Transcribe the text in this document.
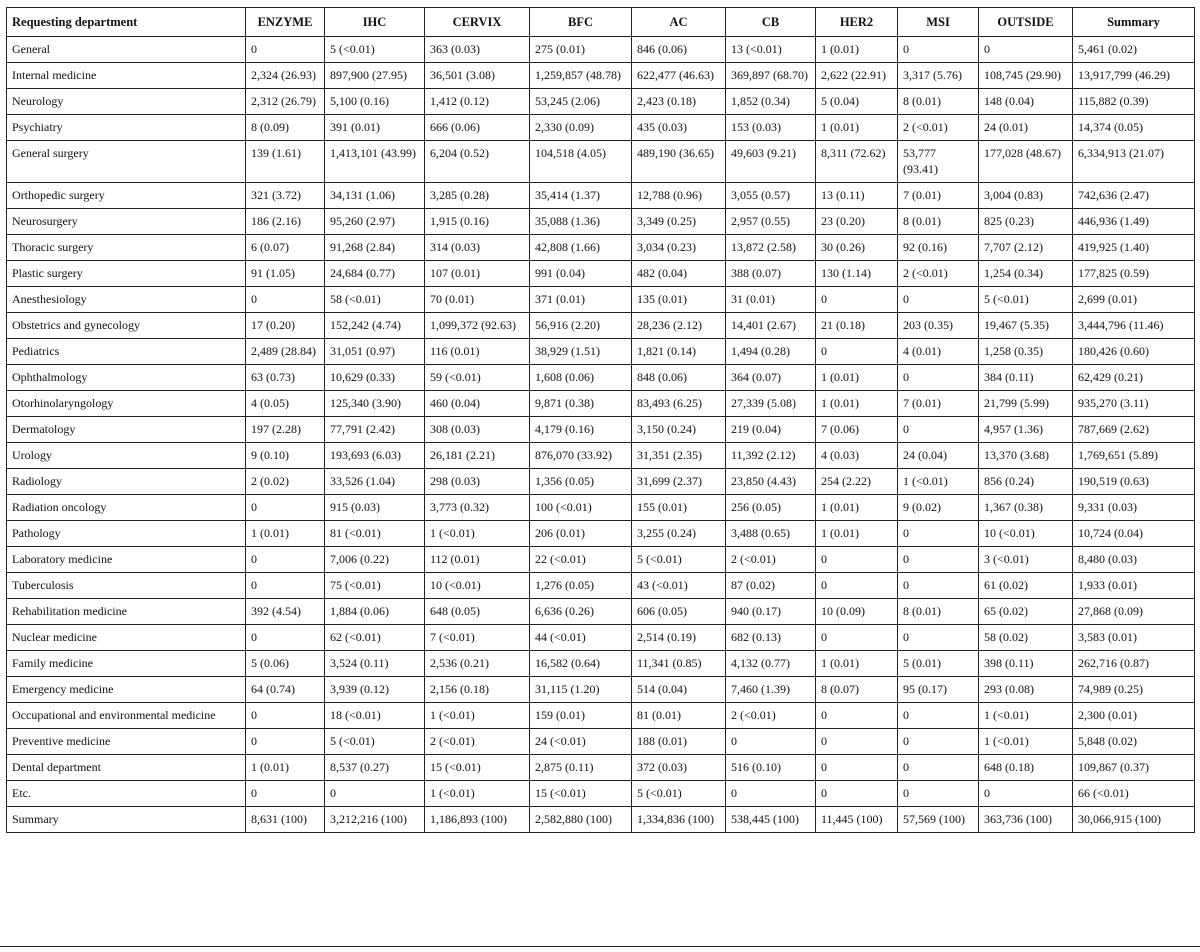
Requesting department	ENZYME	IHC	CERVIX	BFC	AC	CB	HER2	MSI	OUTSIDE	Summary
General	0	5 (<0.01)	363 (0.03)	275 (0.01)	846 (0.06)	13 (<0.01)	1 (0.01)	0	0	5,461 (0.02)
Internal medicine	2,324 (26.93)	897,900 (27.95)	36,501 (3.08)	1,259,857 (48.78)	622,477 (46.63)	369,897 (68.70)	2,622 (22.91)	3,317 (5.76)	108,745 (29.90)	13,917,799 (46.29)
Neurology	2,312 (26.79)	5,100 (0.16)	1,412 (0.12)	53,245 (2.06)	2,423 (0.18)	1,852 (0.34)	5 (0.04)	8 (0.01)	148 (0.04)	115,882 (0.39)
Psychiatry	8 (0.09)	391 (0.01)	666 (0.06)	2,330 (0.09)	435 (0.03)	153 (0.03)	1 (0.01)	2 (<0.01)	24 (0.01)	14,374 (0.05)
General surgery	139 (1.61)	1,413,101 (43.99)	6,204 (0.52)	104,518 (4.05)	489,190 (36.65)	49,603 (9.21)	8,311 (72.62)	53,777 (93.41)	177,028 (48.67)	6,334,913 (21.07)
Orthopedic surgery	321 (3.72)	34,131 (1.06)	3,285 (0.28)	35,414 (1.37)	12,788 (0.96)	3,055 (0.57)	13 (0.11)	7 (0.01)	3,004 (0.83)	742,636 (2.47)
Neurosurgery	186 (2.16)	95,260 (2.97)	1,915 (0.16)	35,088 (1.36)	3,349 (0.25)	2,957 (0.55)	23 (0.20)	8 (0.01)	825 (0.23)	446,936 (1.49)
Thoracic surgery	6 (0.07)	91,268 (2.84)	314 (0.03)	42,808 (1.66)	3,034 (0.23)	13,872 (2.58)	30 (0.26)	92 (0.16)	7,707 (2.12)	419,925 (1.40)
Plastic surgery	91 (1.05)	24,684 (0.77)	107 (0.01)	991 (0.04)	482 (0.04)	388 (0.07)	130 (1.14)	2 (<0.01)	1,254 (0.34)	177,825 (0.59)
Anesthesiology	0	58 (<0.01)	70 (0.01)	371 (0.01)	135 (0.01)	31 (0.01)	0	0	5 (<0.01)	2,699 (0.01)
Obstetrics and gynecology	17 (0.20)	152,242 (4.74)	1,099,372 (92.63)	56,916 (2.20)	28,236 (2.12)	14,401 (2.67)	21 (0.18)	203 (0.35)	19,467 (5.35)	3,444,796 (11.46)
Pediatrics	2,489 (28.84)	31,051 (0.97)	116 (0.01)	38,929 (1.51)	1,821 (0.14)	1,494 (0.28)	0	4 (0.01)	1,258 (0.35)	180,426 (0.60)
Ophthalmology	63 (0.73)	10,629 (0.33)	59 (<0.01)	1,608 (0.06)	848 (0.06)	364 (0.07)	1 (0.01)	0	384 (0.11)	62,429 (0.21)
Otorhinolaryngology	4 (0.05)	125,340 (3.90)	460 (0.04)	9,871 (0.38)	83,493 (6.25)	27,339 (5.08)	1 (0.01)	7 (0.01)	21,799 (5.99)	935,270 (3.11)
Dermatology	197 (2.28)	77,791 (2.42)	308 (0.03)	4,179 (0.16)	3,150 (0.24)	219 (0.04)	7 (0.06)	0	4,957 (1.36)	787,669 (2.62)
Urology	9 (0.10)	193,693 (6.03)	26,181 (2.21)	876,070 (33.92)	31,351 (2.35)	11,392 (2.12)	4 (0.03)	24 (0.04)	13,370 (3.68)	1,769,651 (5.89)
Radiology	2 (0.02)	33,526 (1.04)	298 (0.03)	1,356 (0.05)	31,699 (2.37)	23,850 (4.43)	254 (2.22)	1 (<0.01)	856 (0.24)	190,519 (0.63)
Radiation oncology	0	915 (0.03)	3,773 (0.32)	100 (<0.01)	155 (0.01)	256 (0.05)	1 (0.01)	9 (0.02)	1,367 (0.38)	9,331 (0.03)
Pathology	1 (0.01)	81 (<0.01)	1 (<0.01)	206 (0.01)	3,255 (0.24)	3,488 (0.65)	1 (0.01)	0	10 (<0.01)	10,724 (0.04)
Laboratory medicine	0	7,006 (0.22)	112 (0.01)	22 (<0.01)	5 (<0.01)	2 (<0.01)	0	0	3 (<0.01)	8,480 (0.03)
Tuberculosis	0	75 (<0.01)	10 (<0.01)	1,276 (0.05)	43 (<0.01)	87 (0.02)	0	0	61 (0.02)	1,933 (0.01)
Rehabilitation medicine	392 (4.54)	1,884 (0.06)	648 (0.05)	6,636 (0.26)	606 (0.05)	940 (0.17)	10 (0.09)	8 (0.01)	65 (0.02)	27,868 (0.09)
Nuclear medicine	0	62 (<0.01)	7 (<0.01)	44 (<0.01)	2,514 (0.19)	682 (0.13)	0	0	58 (0.02)	3,583 (0.01)
Family medicine	5 (0.06)	3,524 (0.11)	2,536 (0.21)	16,582 (0.64)	11,341 (0.85)	4,132 (0.77)	1 (0.01)	5 (0.01)	398 (0.11)	262,716 (0.87)
Emergency medicine	64 (0.74)	3,939 (0.12)	2,156 (0.18)	31,115 (1.20)	514 (0.04)	7,460 (1.39)	8 (0.07)	95 (0.17)	293 (0.08)	74,989 (0.25)
Occupational and environmental medicine	0	18 (<0.01)	1 (<0.01)	159 (0.01)	81 (0.01)	2 (<0.01)	0	0	1 (<0.01)	2,300 (0.01)
Preventive medicine	0	5 (<0.01)	2 (<0.01)	24 (<0.01)	188 (0.01)	0	0	0	1 (<0.01)	5,848 (0.02)
Dental department	1 (0.01)	8,537 (0.27)	15 (<0.01)	2,875 (0.11)	372 (0.03)	516 (0.10)	0	0	648 (0.18)	109,867 (0.37)
Etc.	0	0	1 (<0.01)	15 (<0.01)	5 (<0.01)	0	0	0	0	66 (<0.01)
Summary	8,631 (100)	3,212,216 (100)	1,186,893 (100)	2,582,880 (100)	1,334,836 (100)	538,445 (100)	11,445 (100)	57,569 (100)	363,736 (100)	30,066,915 (100)
